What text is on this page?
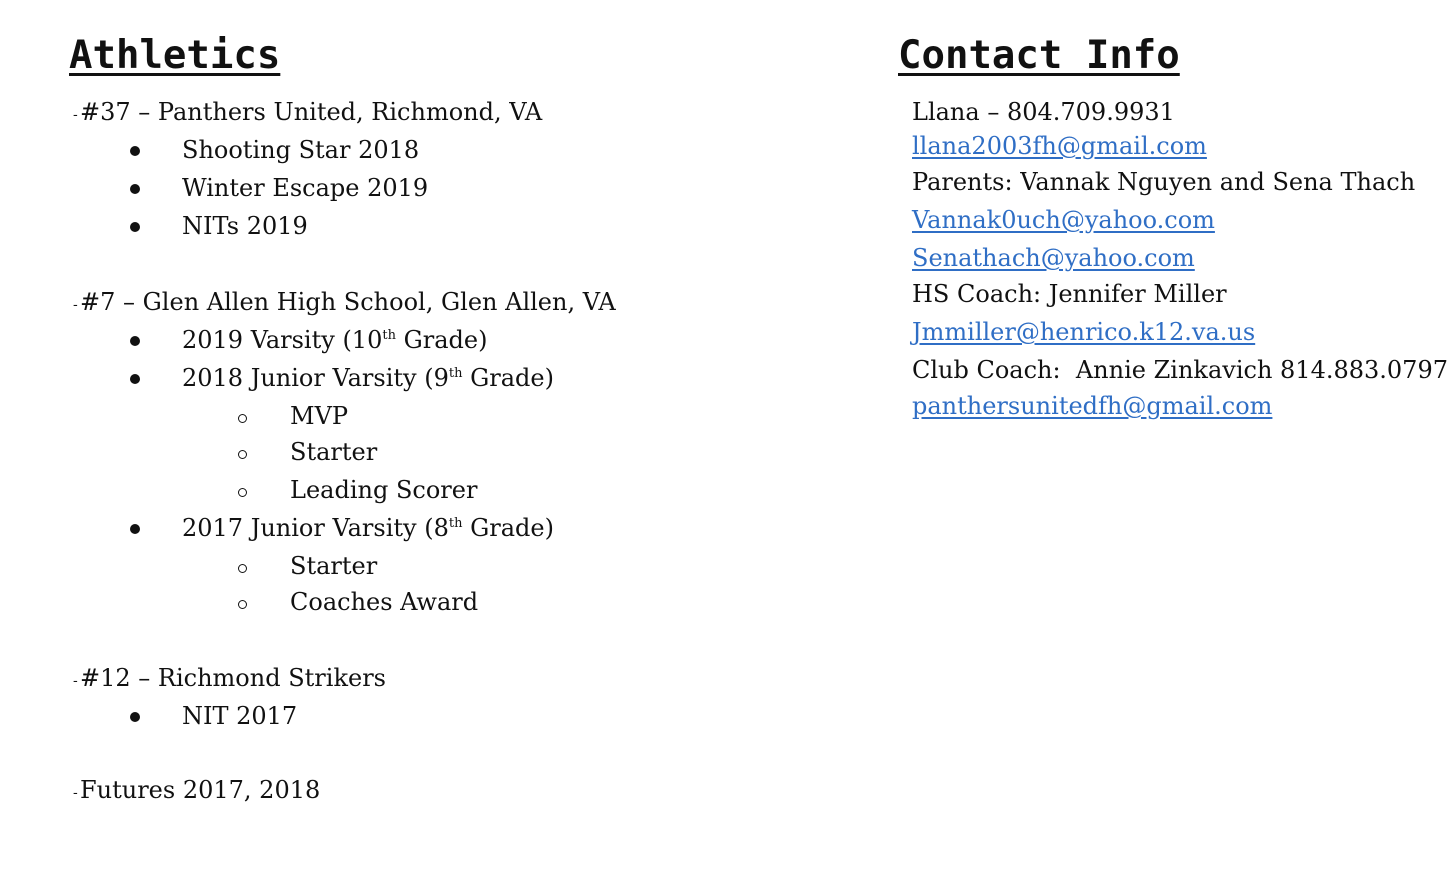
Athletics
- #37 – Panthers United, Richmond, VA
Shooting Star 2018
Winter Escape 2019
NITs 2019
- #7 – Glen Allen High School, Glen Allen, VA
2019 Varsity (10th Grade)
2018 Junior Varsity (9th Grade)
MVP
Starter
Leading Scorer
2017 Junior Varsity (8th Grade)
Starter
Coaches Award
- #12 – Richmond Strikers
NIT 2017
- Futures 2017, 2018
Contact Info
Llana – 804.709.9931
llana2003fh@gmail.com
Parents: Vannak Nguyen and Sena Thach
Vannak0uch@yahoo.com
Senathach@yahoo.com
HS Coach: Jennifer Miller
Jmmiller@henrico.k12.va.us
Club Coach:  Annie Zinkavich 814.883.0797
panthersunitedfh@gmail.com
